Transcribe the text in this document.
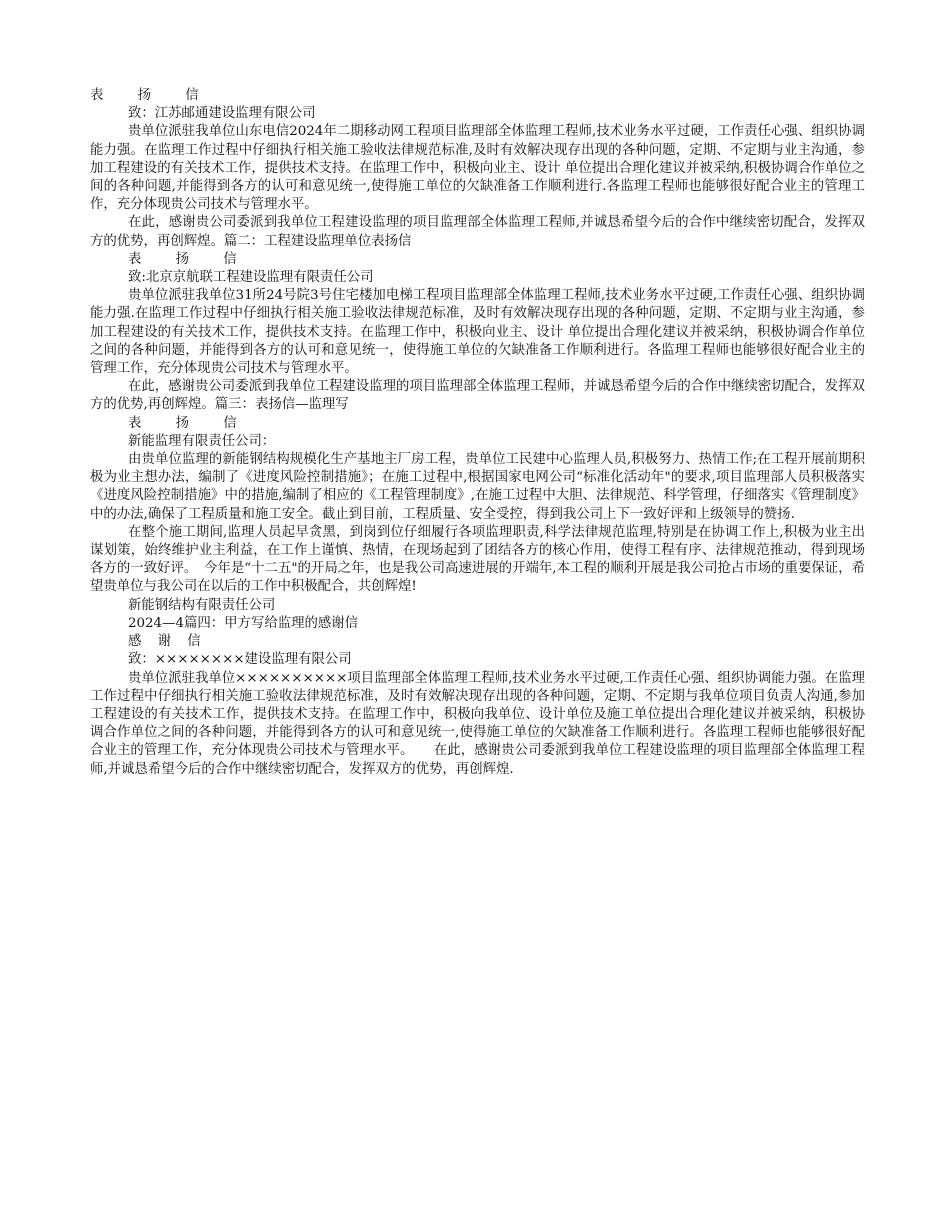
表 扬 信

致：江苏邮通建设监理有限公司

贵单位派驻我单位山东电信2024年二期移动网工程项目监理部全体监理工程师,技术业务水平过硬，工作责任心强、组织协调能力强。在监理工作过程中仔细执行相关施工验收法律规范标准,及时有效解决现存出现的各种问题，定期、不定期与业主沟通，参加工程建设的有关技术工作，提供技术支持。在监理工作中，积极向业主、设计 单位提出合理化建议并被采纳,积极协调合作单位之间的各种问题,并能得到各方的认可和意见统一,使得施工单位的欠缺准备工作顺利进行.各监理工程师也能够很好配合业主的管理工作，充分体现贵公司技术与管理水平。

在此，感谢贵公司委派到我单位工程建设监理的项目监理部全体监理工程师,并诚恳希望今后的合作中继续密切配合，发挥双方的优势，再创辉煌。篇二：工程建设监理单位表扬信

表 扬 信

致:北京京航联工程建设监理有限责任公司

贵单位派驻我单位31所24号院3号住宅楼加电梯工程项目监理部全体监理工程师,技术业务水平过硬,工作责任心强、组织协调能力强.在监理工作过程中仔细执行相关施工验收法律规范标准，及时有效解决现存出现的各种问题，定期、不定期与业主沟通，参加工程建设的有关技术工作，提供技术支持。在监理工作中，积极向业主、设计 单位提出合理化建议并被采纳，积极协调合作单位之间的各种问题，并能得到各方的认可和意见统一，使得施工单位的欠缺准备工作顺利进行。各监理工程师也能够很好配合业主的管理工作，充分体现贵公司技术与管理水平。

在此，感谢贵公司委派到我单位工程建设监理的项目监理部全体监理工程师，并诚恳希望今后的合作中继续密切配合，发挥双方的优势,再创辉煌。篇三：表扬信—监理写

表 扬 信

新能监理有限责任公司：

由贵单位监理的新能钢结构规模化生产基地主厂房工程，贵单位工民建中心监理人员,积极努力、热情工作;在工程开展前期积极为业主想办法，编制了《进度风险控制措施》；在施工过程中,根据国家电网公司“标准化活动年"的要求,项目监理部人员积极落实《进度风险控制措施》中的措施,编制了相应的《工程管理制度》,在施工过程中大胆、法律规范、科学管理，仔细落实《管理制度》中的办法,确保了工程质量和施工安全。截止到目前，工程质量、安全受控，得到我公司上下一致好评和上级领导的赞扬.

在整个施工期间,监理人员起早贪黑，到岗到位仔细履行各项监理职责,科学法律规范监理,特别是在协调工作上,积极为业主出谋划策，始终维护业主利益，在工作上谨慎、热情，在现场起到了团结各方的核心作用，使得工程有序、法律规范推动，得到现场各方的一致好评。　今年是“十二五"的开局之年，也是我公司高速进展的开端年,本工程的顺利开展是我公司抢占市场的重要保证，希望贵单位与我公司在以后的工作中积极配合，共创辉煌!

新能钢结构有限责任公司

2024—4篇四：甲方写给监理的感谢信

感 谢 信

致：××××××××建设监理有限公司

贵单位派驻我单位××××××××××项目监理部全体监理工程师,技术业务水平过硬,工作责任心强、组织协调能力强。在监理工作过程中仔细执行相关施工验收法律规范标准，及时有效解决现存出现的各种问题，定期、不定期与我单位项目负责人沟通,参加工程建设的有关技术工作，提供技术支持。在监理工作中，积极向我单位、设计单位及施工单位提出合理化建议并被采纳，积极协调合作单位之间的各种问题，并能得到各方的认可和意见统一,使得施工单位的欠缺准备工作顺利进行。各监理工程师也能够很好配合业主的管理工作，充分体现贵公司技术与管理水平。　　在此，感谢贵公司委派到我单位工程建设监理的项目监理部全体监理工程师,并诚恳希望今后的合作中继续密切配合，发挥双方的优势，再创辉煌.
